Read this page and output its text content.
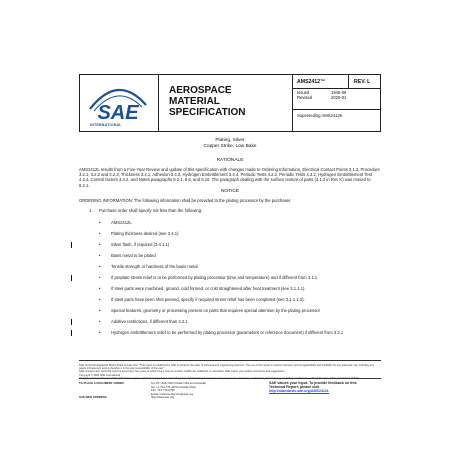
SAE
INTERNATIONAL
AEROSPACE
MATERIAL SPECIFICATION
AMS2412™	REV. L
Issued	1945-06
Revised	2020-01
Superseding AMS2412K
Plating, Silver
Copper Strike, Low Bake
RATIONALE
AMS2412L results from a Five-Year Review and update of this specification with changes made to Ordering Information, Electrical Contact Points 3.1.3, Procedure 3.2.1, 3.2.2 and 3.2.3, Thickness 3.4.1, Adhesion 3.4.3, Hydrogen Embrittlement 3.4.4, Periodic Tests 4.2.2, Periodic Tests 4.3.2, Hydrogen Embrittlement Test 4.3.4, Control factors 4.4.2, and Notes paragraphs 8.2.1, 8.6, and 8.10. The paragraph dealing with the surface texture of parts (3.1.2 in Rev K) was moved to 8.2.1.
NOTICE
ORDERING INFORMATION: The following information shall be provided to the plating processor by the purchaser.
1. Purchase order shall specify not less than the following:
•	AMS2412L
•	Plating thickness desired (see 3.4.1)
•	Silver flash, if required (3.4.1.1)
•	Basis metal to be plated
•	Tensile strength or hardness of the basis metal
•	If preplate stress relief is to be performed by plating processor (time and temperature) and if different from 3.1.1.
•	If steel parts were machined, ground, cold formed, or cold straightened after heat treatment (see 3.1.1.1).
•	If steel parts have been shot peened, specify if required stress relief has been completed (see 3.1.1.1.3).
•	Special features, geometry or processing present on parts that requires special attention by the plating processor
•	Additive restrictions, if different than 3.2.1
•	Hydrogen embrittlement relief to be performed by plating processor (parameters or reference document) if different from 3.3.1
SAE Technical Standards Board Rules provide that: "This report is published by SAE to advance the state of technical and engineering sciences. The use of this report is entirely voluntary, and its applicability and suitability for any particular use, including any patent infringement arising therefrom, is the sole responsibility of the user."
SAE reviews each technical report at least every five years at which time it may be revised, reaffirmed, stabilized, or cancelled. SAE invites your written comments and suggestions.
Copyright © 2020 SAE International
All rights reserved. No part of this publication may be reproduced, stored in a retrieval system or transmitted, in any form or by any means, electronic, mechanical, photocopying, recording, or otherwise, without the prior written permission of SAE.
TO PLACE A DOCUMENT ORDER:	Tel: 877-606-7323 (inside USA and Canada)
Tel: +1 724-776-4970 (outside USA)
Fax: 724-776-0790
Email: CustomerService@sae.org
http://www.sae.org
SAE values your input. To provide feedback on this
Technical Report, please visit
http://standards.sae.org/AMS2412L
SAE WEB ADDRESS:
